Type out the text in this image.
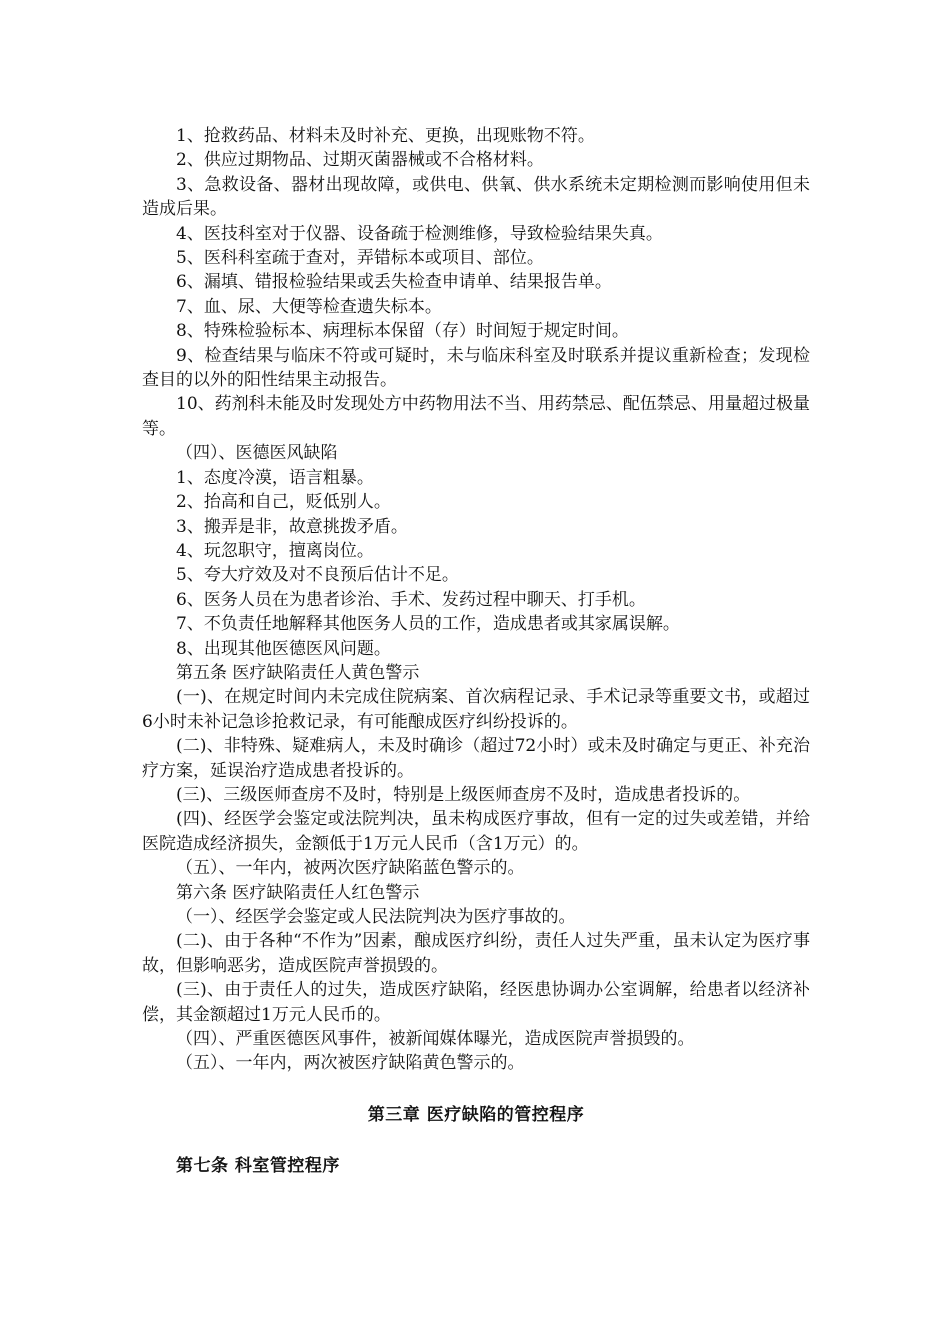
1、抢救药品、材料未及时补充、更换，出现账物不符。

2、供应过期物品、过期灭菌器械或不合格材料。

3、急救设备、器材出现故障，或供电、供氧、供水系统未定期检测而影响使用但未造成后果。

4、医技科室对于仪器、设备疏于检测维修，导致检验结果失真。

5、医科科室疏于查对，弄错标本或项目、部位。

6、漏填、错报检验结果或丢失检查申请单、结果报告单。

7、血、尿、大便等检查遗失标本。

8、特殊检验标本、病理标本保留（存）时间短于规定时间。

9、检查结果与临床不符或可疑时，未与临床科室及时联系并提议重新检查；发现检查目的以外的阳性结果主动报告。

10、药剂科未能及时发现处方中药物用法不当、用药禁忌、配伍禁忌、用量超过极量等。

（四）、医德医风缺陷

1、态度冷漠，语言粗暴。

2、抬高和自己，贬低别人。

3、搬弄是非，故意挑拨矛盾。

4、玩忽职守，擅离岗位。

5、夸大疗效及对不良预后估计不足。

6、医务人员在为患者诊治、手术、发药过程中聊天、打手机。

7、不负责任地解释其他医务人员的工作，造成患者或其家属误解。

8、出现其他医德医风问题。

第五条 医疗缺陷责任人黄色警示

(一)、在规定时间内未完成住院病案、首次病程记录、手术记录等重要文书，或超过6小时未补记急诊抢救记录，有可能酿成医疗纠纷投诉的。

(二)、非特殊、疑难病人，未及时确诊（超过72小时）或未及时确定与更正、补充治疗方案，延误治疗造成患者投诉的。

(三)、三级医师查房不及时，特别是上级医师查房不及时，造成患者投诉的。

(四)、经医学会鉴定或法院判决，虽未构成医疗事故，但有一定的过失或差错，并给医院造成经济损失，金额低于1万元人民币（含1万元）的。

（五）、一年内，被两次医疗缺陷蓝色警示的。

第六条 医疗缺陷责任人红色警示

（一）、经医学会鉴定或人民法院判决为医疗事故的。

(二)、由于各种“不作为”因素，酿成医疗纠纷，责任人过失严重，虽未认定为医疗事故，但影响恶劣，造成医院声誉损毁的。

(三)、由于责任人的过失，造成医疗缺陷，经医患协调办公室调解，给患者以经济补偿，其金额超过1万元人民币的。

（四）、严重医德医风事件，被新闻媒体曝光，造成医院声誉损毁的。

（五）、一年内，两次被医疗缺陷黄色警示的。

第三章 医疗缺陷的管控程序

第七条 科室管控程序
